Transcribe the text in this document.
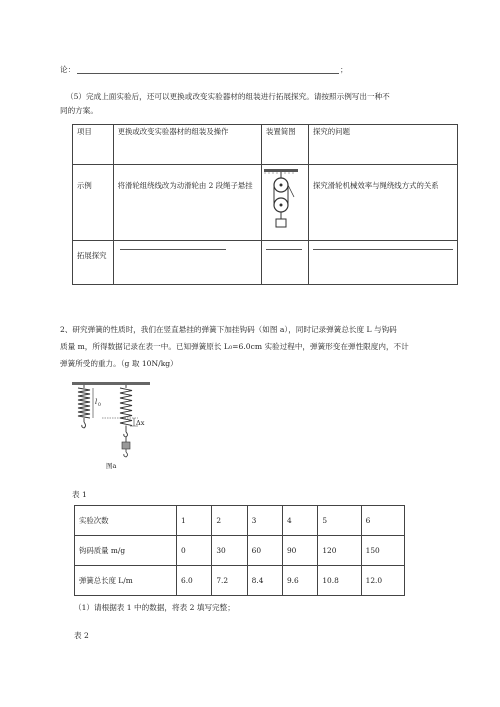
论：	；
（5）完成上面实验后，还可以更换或改变实验器材的组装进行拓展探究。请按照示例写出一种不
同的方案。
项目	更换或改变实验器材的组装及操作	装置简图	探究的问题
示例	将滑轮组绕线改为动滑轮由 2 段绳子悬挂		探究滑轮机械效率与绳绕线方式的关系
拓展探究	

2、研究弹簧的性质时，我们在竖直悬挂的弹簧下加挂钩码（如图 a），同时记录弹簧总长度 L 与钩码
质量 m，所得数据记录在表一中。已知弹簧原长 L0=6.0cm 实验过程中，弹簧形变在弹性限度内，不计
弹簧所受的重力。（g 取 10N/kg）
l 0
Δx
图a
表 1
实验次数	1	2	3	4	5	6
钩码质量 m/g	0	30	60	90	120	150
弹簧总长度 L/m	6.0	7.2	8.4	9.6	10.8	12.0
（1）请根据表 1 中的数据，将表 2 填写完整；
表 2
